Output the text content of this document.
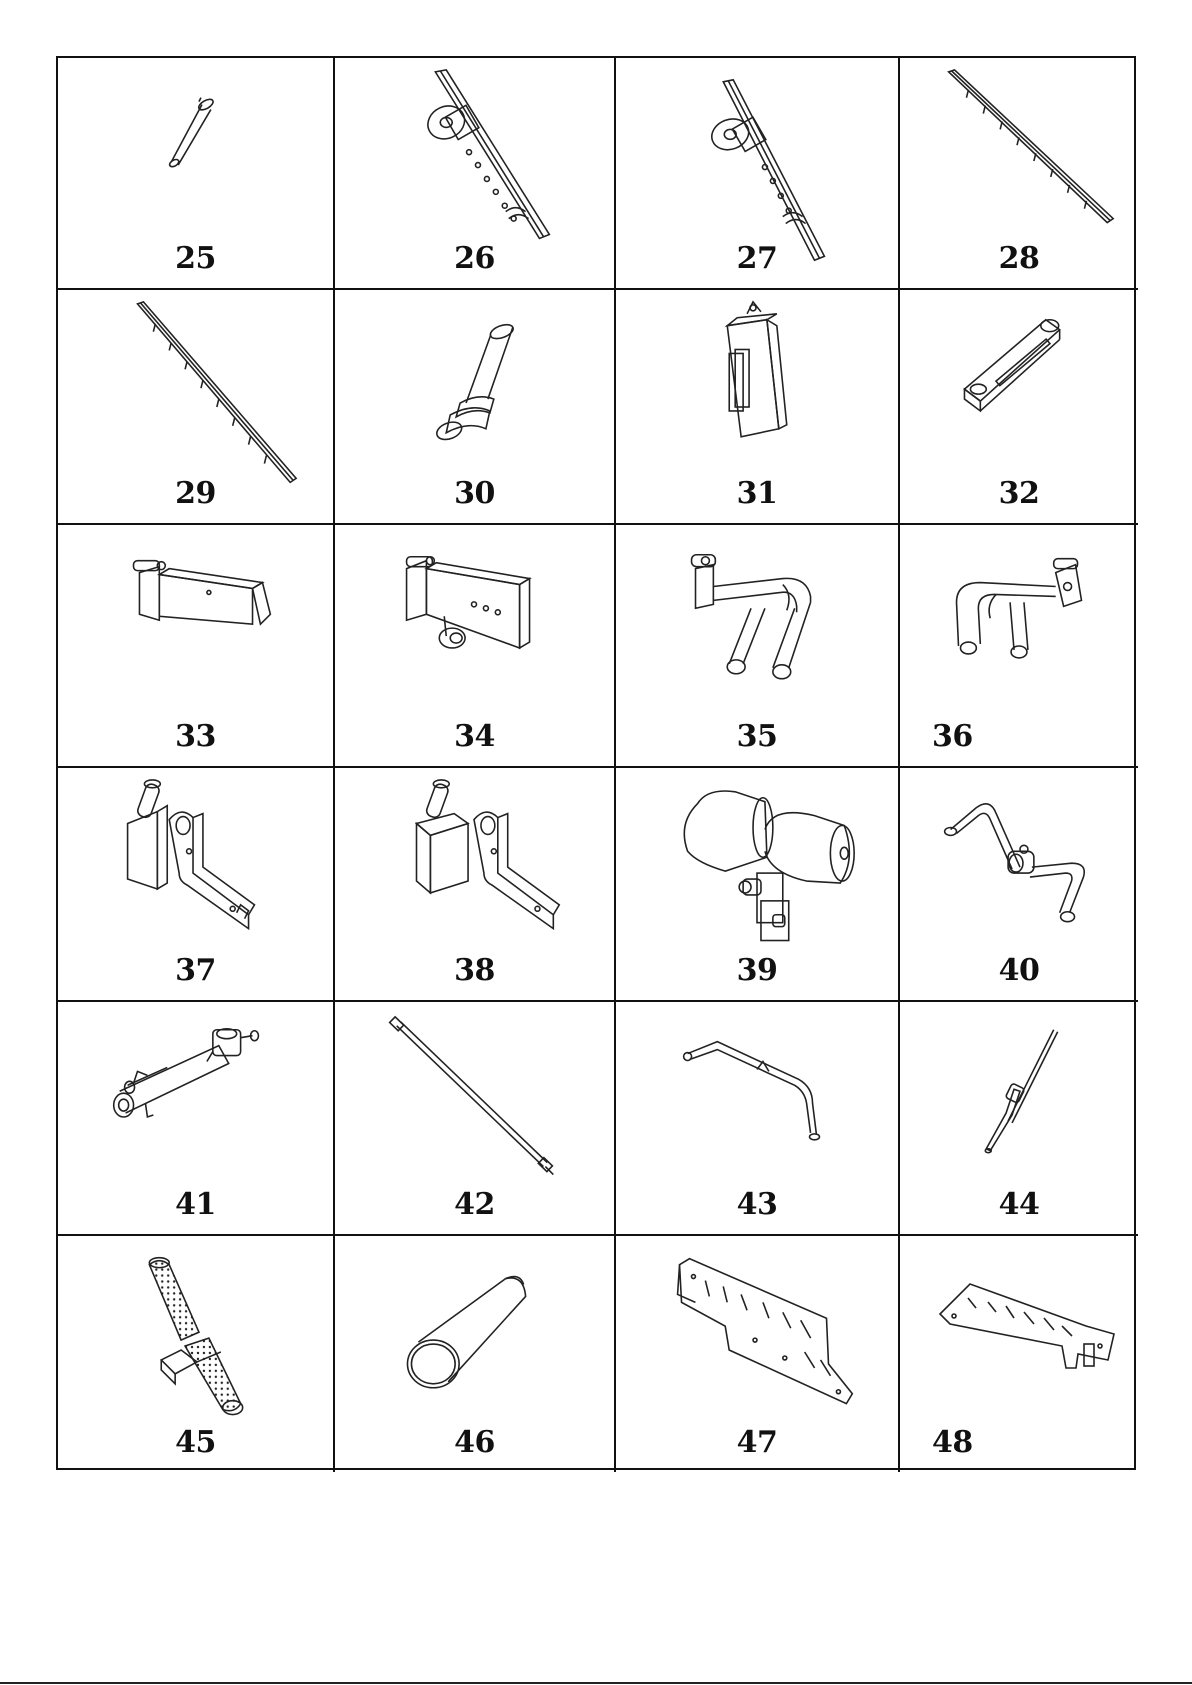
25	26	27	28
29	30	31	32
33	34	35	36
37	38	39	40
41	42	43	44
45	46	47	48
